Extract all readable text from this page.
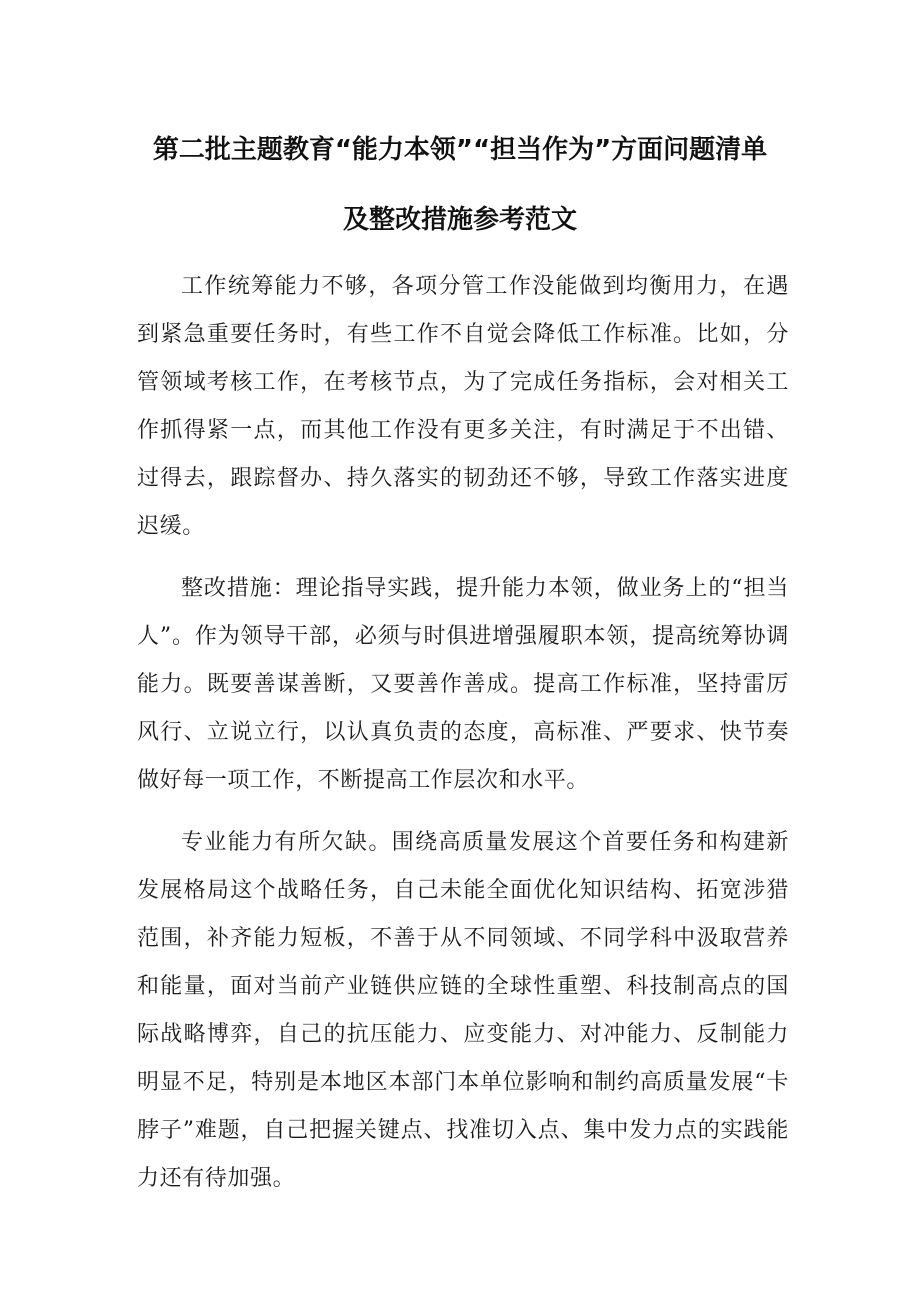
第二批主题教育“能力本领”“担当作为”方面问题清单
及整改措施参考范文

工作统筹能力不够，各项分管工作没能做到均衡用力，在遇到紧急重要任务时，有些工作不自觉会降低工作标准。比如，分管领域考核工作，在考核节点，为了完成任务指标，会对相关工作抓得紧一点，而其他工作没有更多关注，有时满足于不出错、过得去，跟踪督办、持久落实的韧劲还不够，导致工作落实进度迟缓。

整改措施：理论指导实践，提升能力本领，做业务上的“担当人”。作为领导干部，必须与时俱进增强履职本领，提高统筹协调能力。既要善谋善断，又要善作善成。提高工作标准，坚持雷厉风行、立说立行，以认真负责的态度，高标准、严要求、快节奏做好每一项工作，不断提高工作层次和水平。

专业能力有所欠缺。围绕高质量发展这个首要任务和构建新发展格局这个战略任务，自己未能全面优化知识结构、拓宽涉猎范围，补齐能力短板，不善于从不同领域、不同学科中汲取营养和能量，面对当前产业链供应链的全球性重塑、科技制高点的国际战略博弈，自己的抗压能力、应变能力、对冲能力、反制能力明显不足，特别是本地区本部门本单位影响和制约高质量发展“卡脖子”难题，自己把握关键点、找准切入点、集中发力点的实践能力还有待加强。
